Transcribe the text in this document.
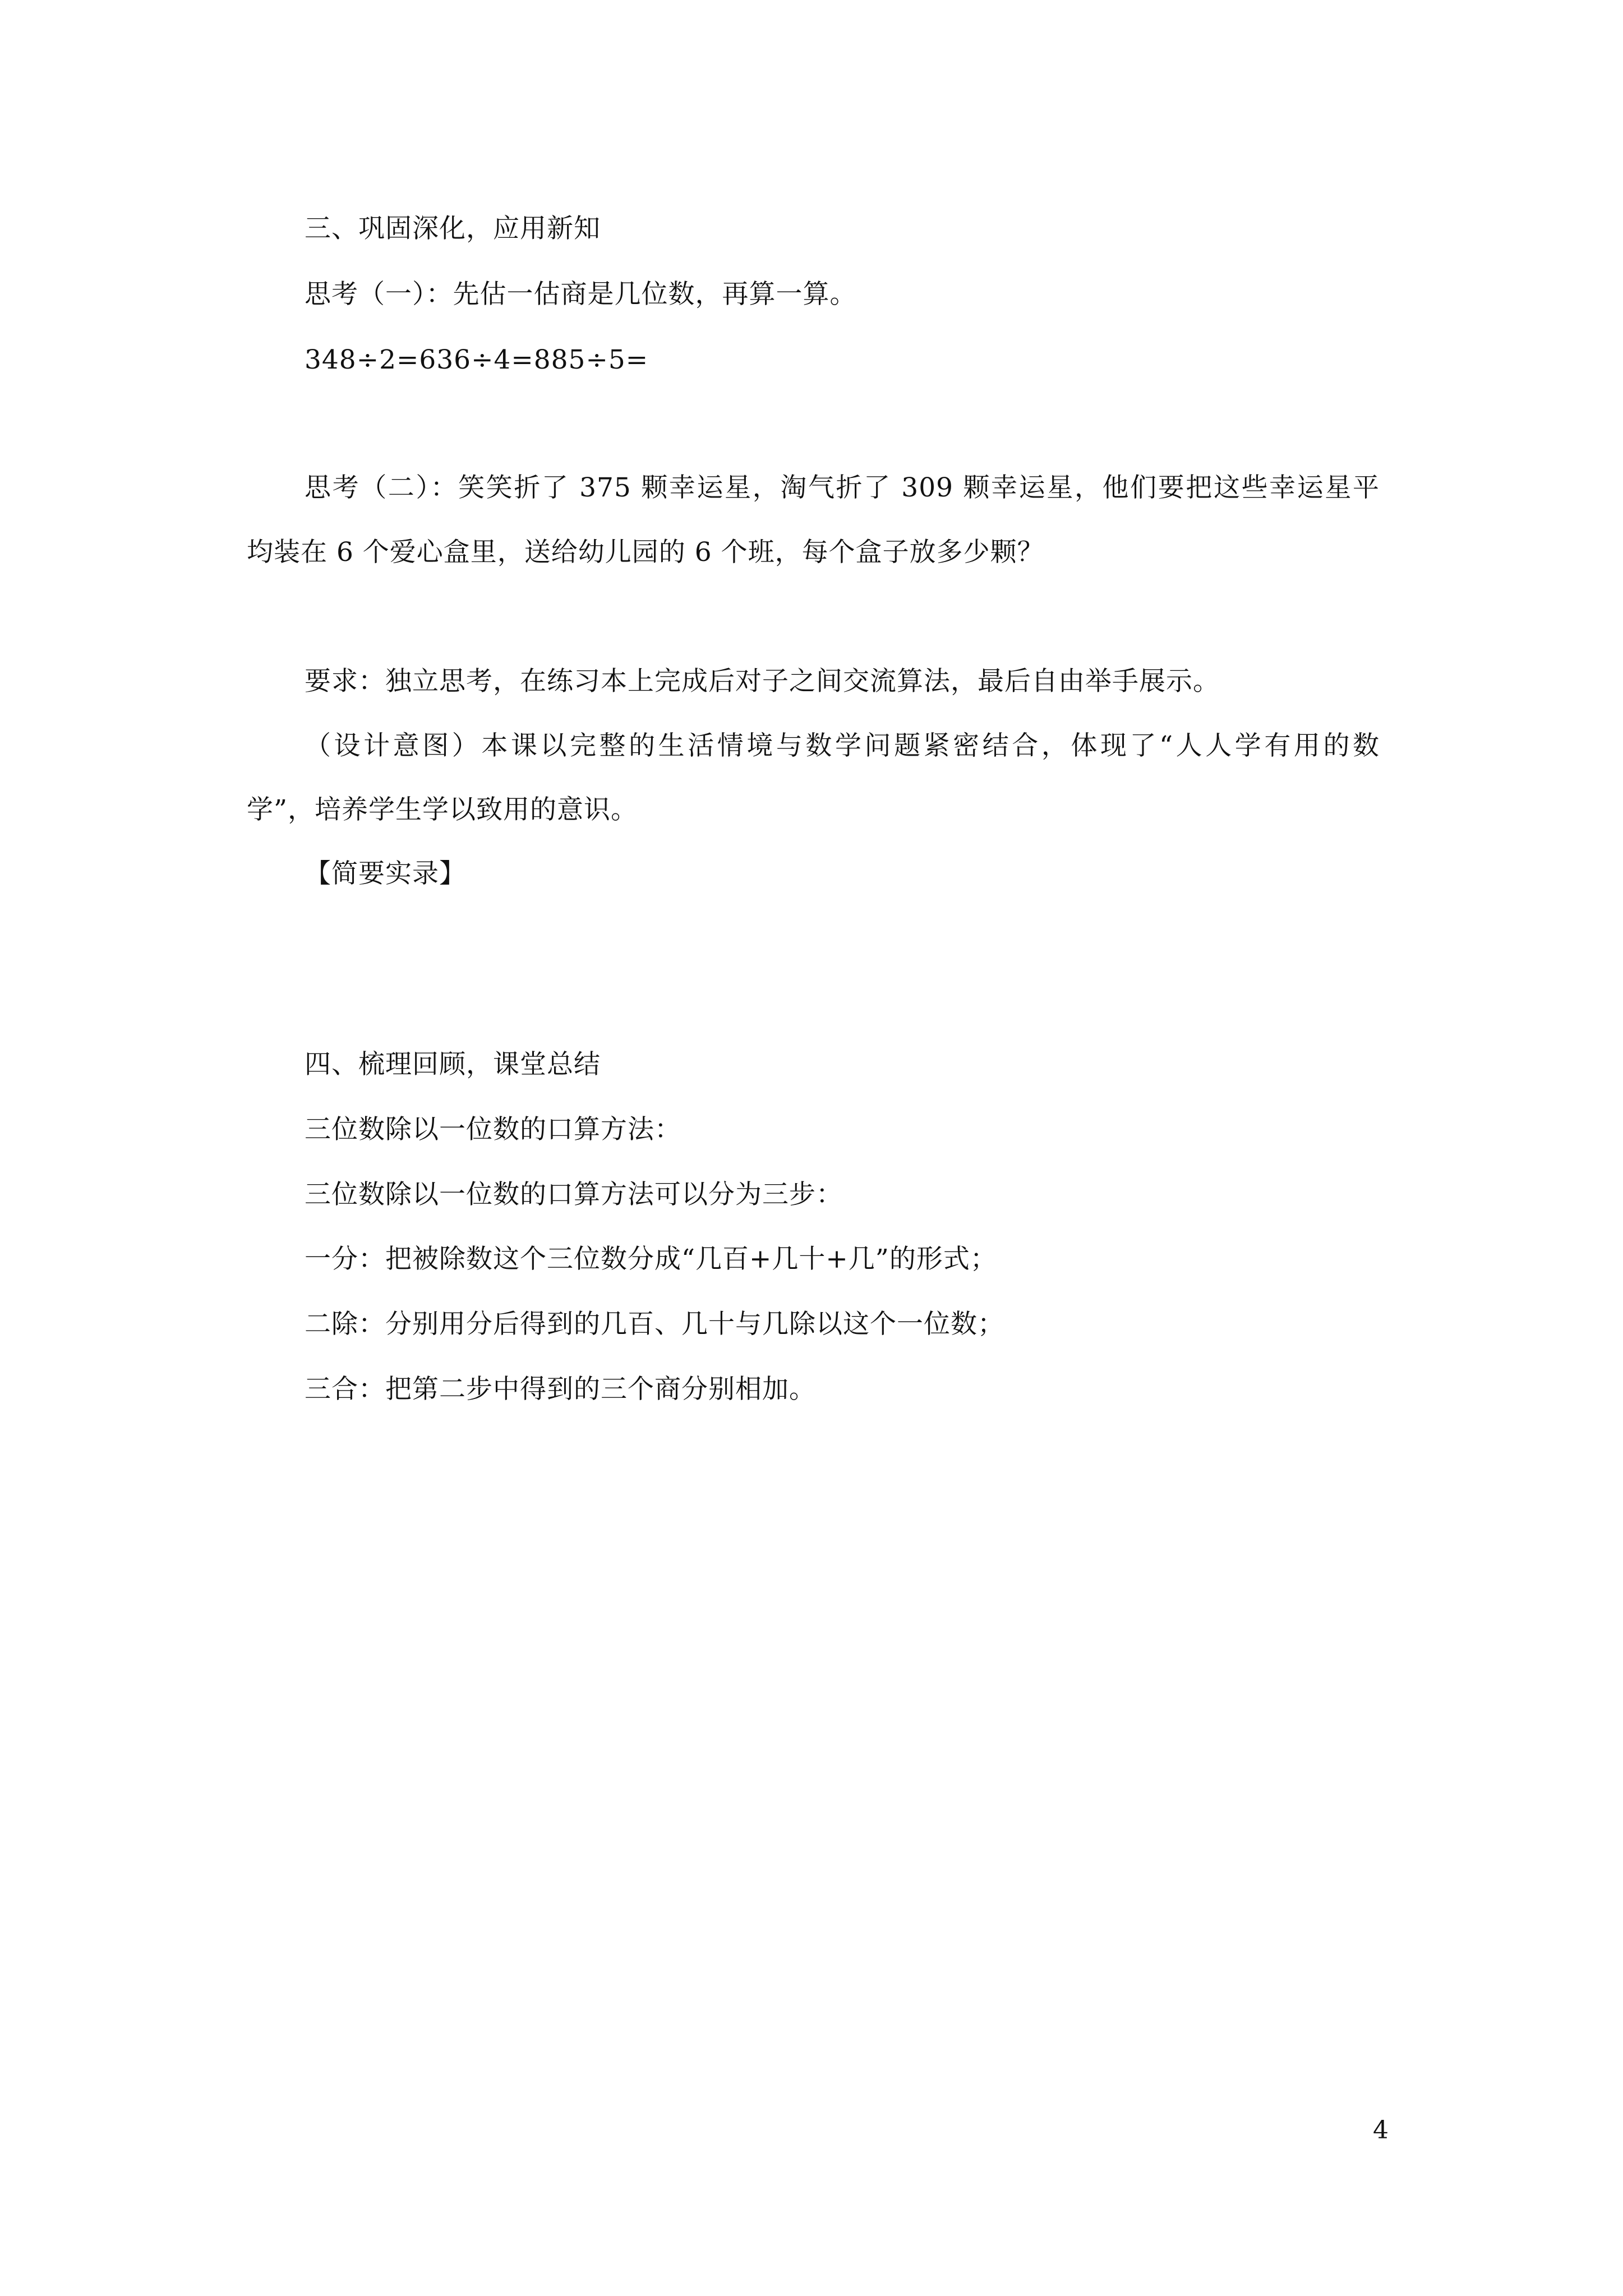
三、巩固深化，应用新知
思考（一）：先估一估商是几位数，再算一算。
348÷2=636÷4=885÷5=
思考（二）：笑笑折了 375 颗幸运星，淘气折了 309 颗幸运星，他们要把这些幸运星平
均装在 6 个爱心盒里，送给幼儿园的 6 个班，每个盒子放多少颗？
要求：独立思考，在练习本上完成后对子之间交流算法，最后自由举手展示。
（设计意图）本课以完整的生活情境与数学问题紧密结合，体现了“人人学有用的数
学”，培养学生学以致用的意识。
【简要实录】
四、梳理回顾，课堂总结
三位数除以一位数的口算方法：
三位数除以一位数的口算方法可以分为三步：
一分：把被除数这个三位数分成“几百+几十+几”的形式；
二除：分别用分后得到的几百、几十与几除以这个一位数；
三合：把第二步中得到的三个商分别相加。
4
